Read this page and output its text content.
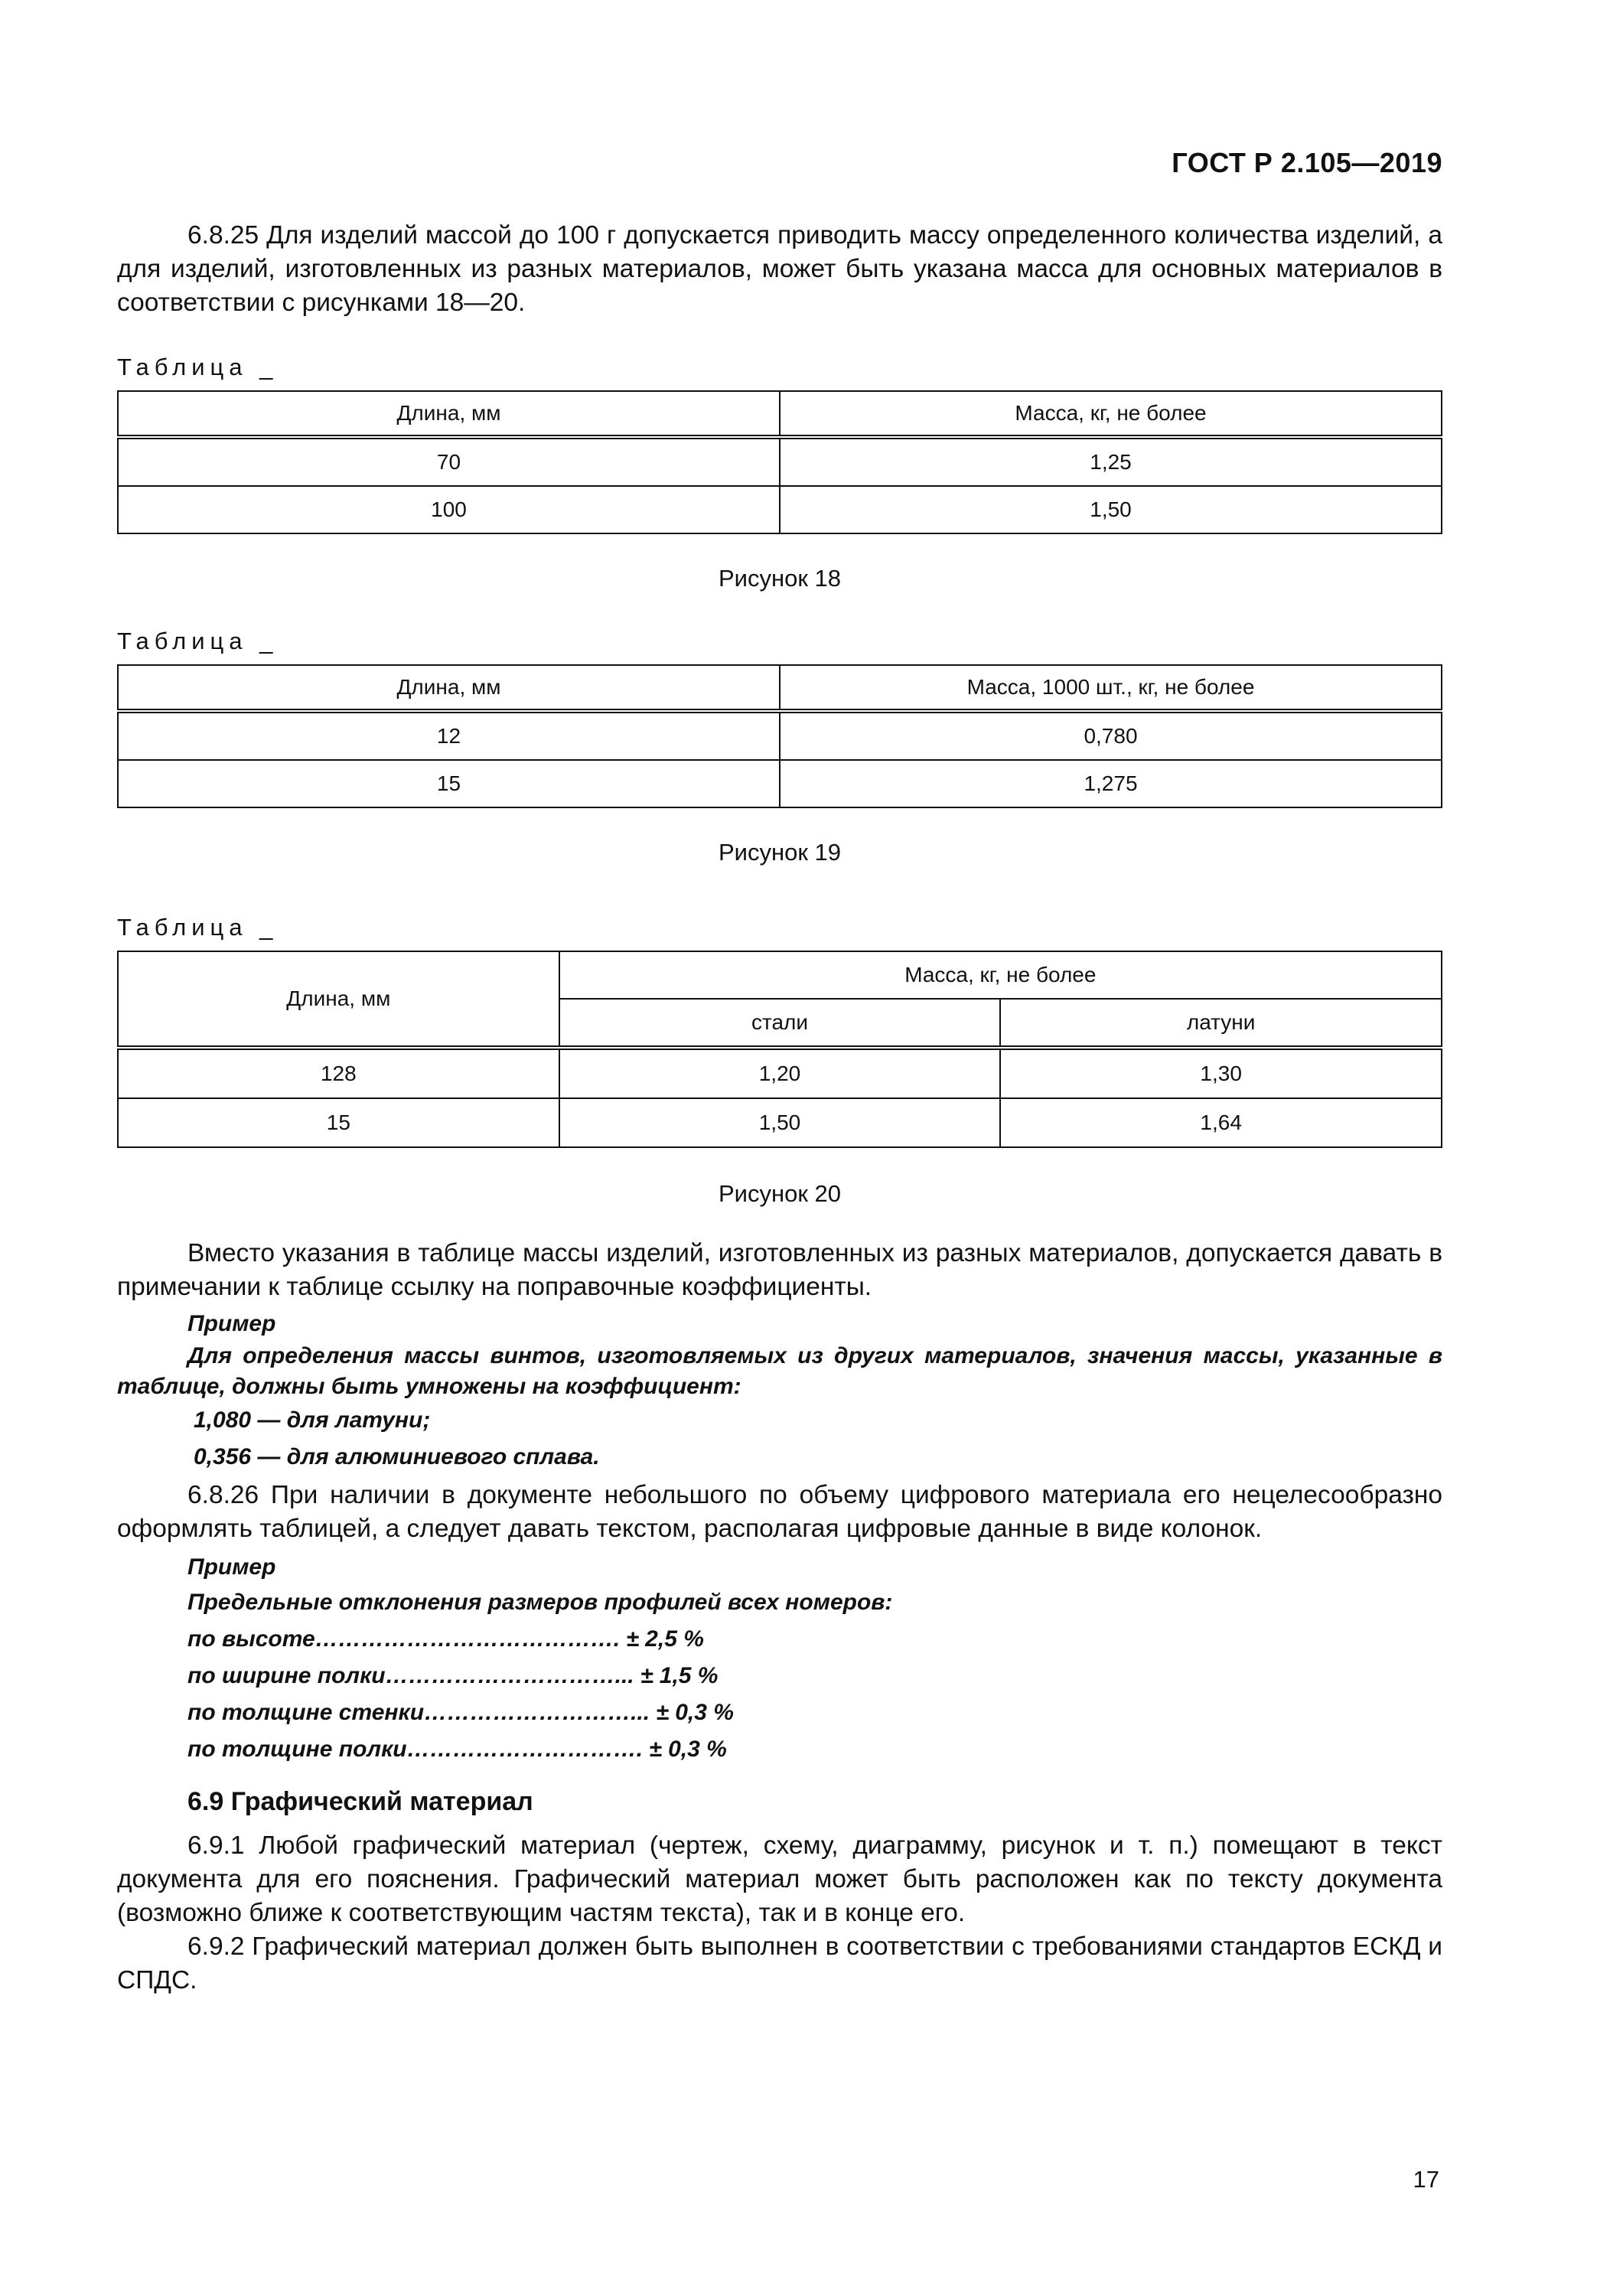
ГОСТ Р 2.105—2019

6.8.25 Для изделий массой до 100 г допускается приводить массу определенного количества изделий, а для изделий, изготовленных из разных материалов, может быть указана масса для основных материалов в соответствии с рисунками 18—20.

Таблица _
Длина, мм	Масса, кг, не более
70	1,25
100	1,50
Рисунок 18
Таблица _
Длина, мм	Масса, 1000 шт., кг, не более
12	0,780
15	1,275
Рисунок 19
Таблица _
Длина, мм	Масса, кг, не более	
	стали	латуни
128	1,20	1,30
15	1,50	1,64
Рисунок 20

Вместо указания в таблице массы изделий, изготовленных из разных материалов, допускается давать в примечании к таблице ссылку на поправочные коэффициенты.

Пример
Для определения массы винтов, изготовляемых из других материалов, значения массы, указанные в таблице, должны быть умножены на коэффициент:
1,080 — для латуни;
0,356 — для алюминиевого сплава.

6.8.26 При наличии в документе небольшого по объему цифрового материала его нецелесообразно оформлять таблицей, а следует давать текстом, располагая цифровые данные в виде колонок.

Пример
Предельные отклонения размеров профилей всех номеров:
по высоте…………………………………. ± 2,5 %
по ширине полки…………………………... ± 1,5 %
по толщине стенки………………………... ± 0,3 %
по толщине полки…………………………. ± 0,3 %
6.9 Графический материал

6.9.1 Любой графический материал (чертеж, схему, диаграмму, рисунок и т. п.) помещают в текст документа для его пояснения. Графический материал может быть расположен как по тексту документа (возможно ближе к соответствующим частям текста), так и в конце его.

6.9.2 Графический материал должен быть выполнен в соответствии с требованиями стандартов ЕСКД и СПДС.

17
